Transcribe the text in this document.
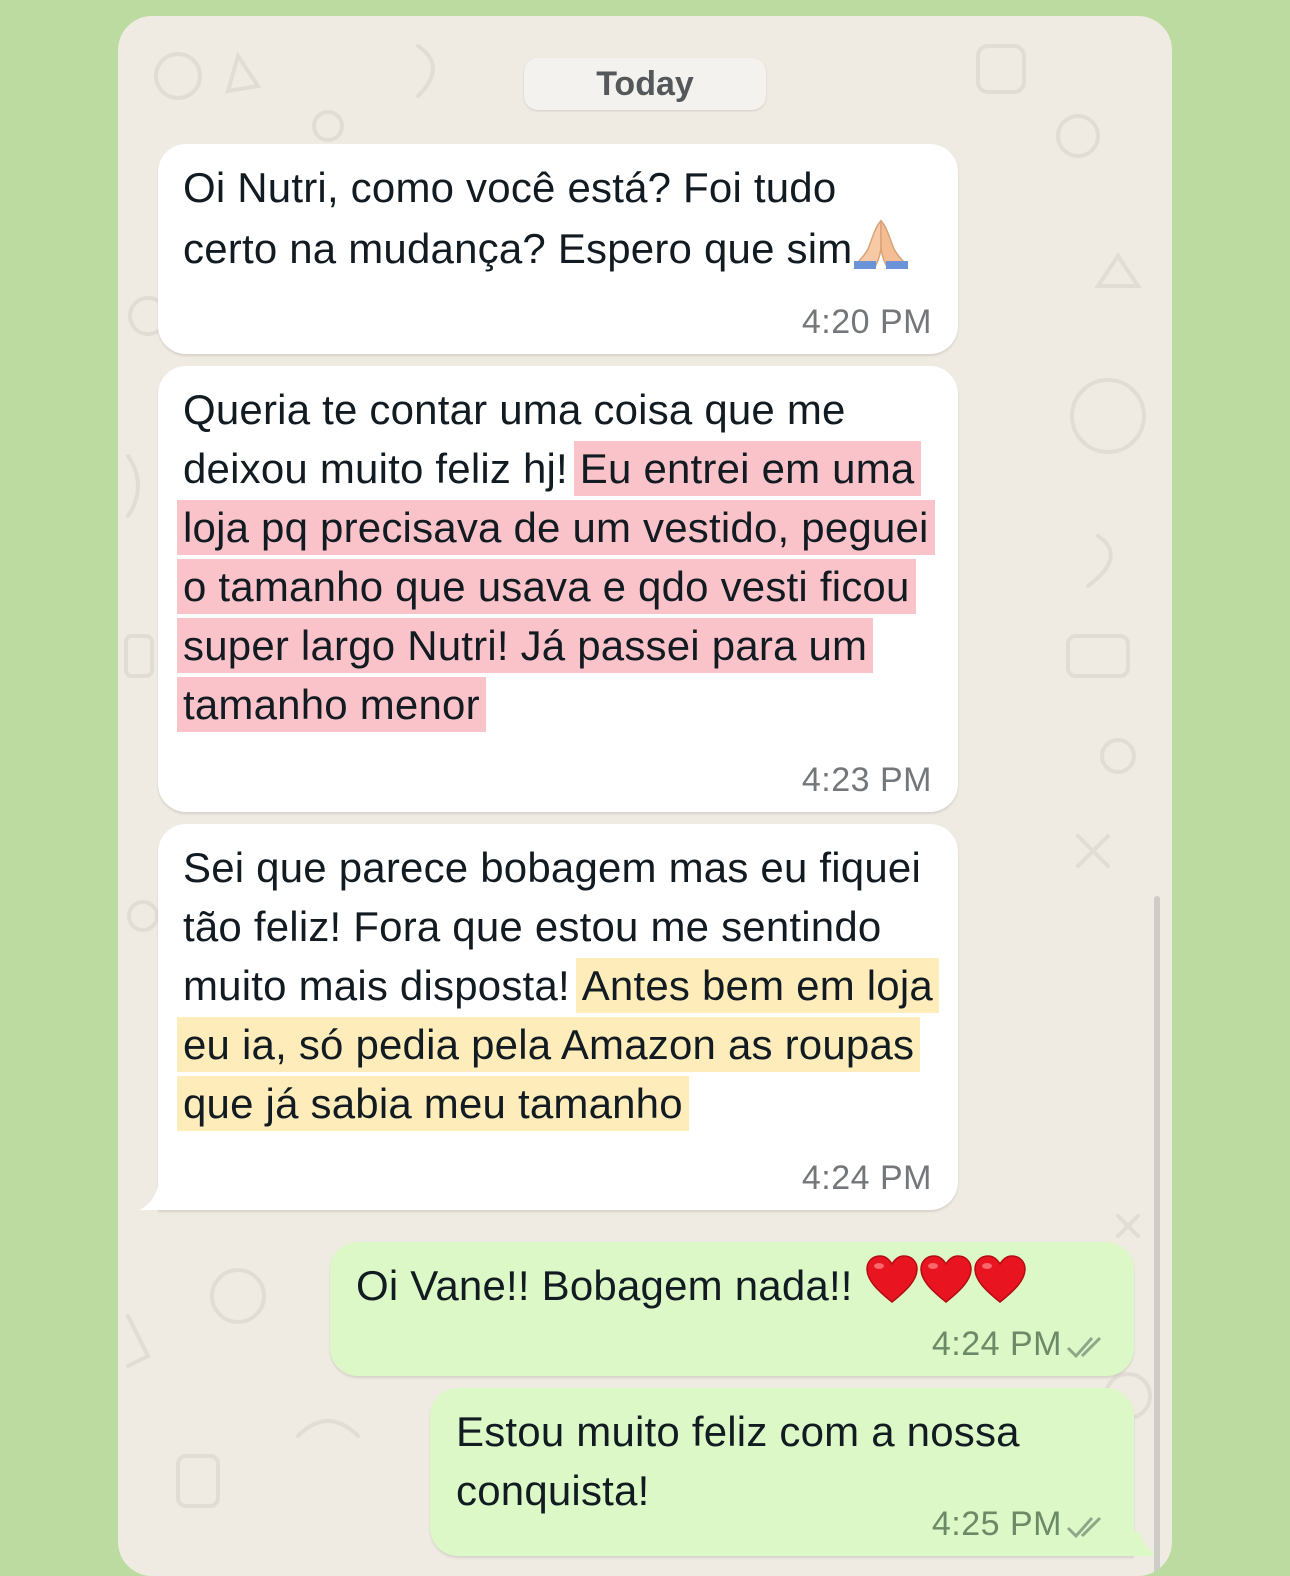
Today
Oi Nutri, como você está? Foi tudo certo na mudança? Espero que sim
4:20 PM
Queria te contar uma coisa que me deixou muito feliz hj! Eu entrei em uma loja pq precisava de um vestido, peguei o tamanho que usava e qdo vesti ficou super largo Nutri! Já passei para um tamanho menor
4:23 PM
Sei que parece bobagem mas eu fiquei tão feliz! Fora que estou me sentindo muito mais disposta! Antes bem em loja eu ia, só pedia pela Amazon as roupas que já sabia meu tamanho
4:24 PM
Oi Vane!! Bobagem nada!!
4:24 PM
Estou muito feliz com a nossa conquista!
4:25 PM
